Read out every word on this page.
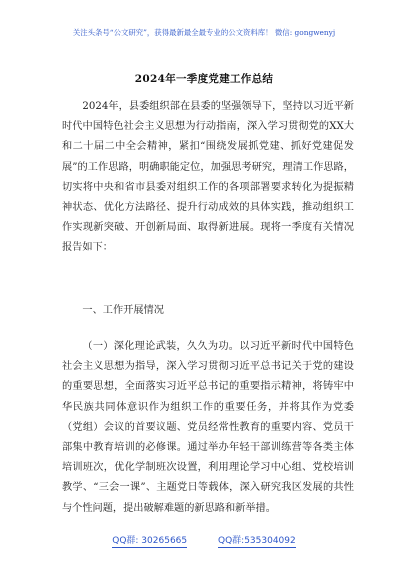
关注头条号“公文研究”，获得最新最全最专业的公文资料库！ 微信: gongwenyj
2024年一季度党建工作总结

2024年，县委组织部在县委的坚强领导下，坚持以习近平新时代中国特色社会主义思想为行动指南，深入学习贯彻党的XX大和二十届二中全会精神，紧扣“围绕发展抓党建、抓好党建促发展”的工作思路，明确职能定位，加强思考研究，理清工作思路，切实将中央和省市县委对组织工作的各项部署要求转化为提振精神状态、优化方法路径、提升行动成效的具体实践，推动组织工作实现新突破、开创新局面、取得新进展。现将一季度有关情况报告如下：

一、工作开展情况

（一）深化理论武装，久久为功。以习近平新时代中国特色社会主义思想为指导，深入学习贯彻习近平总书记关于党的建设的重要思想，全面落实习近平总书记的重要指示精神，将铸牢中华民族共同体意识作为组织工作的重要任务，并将其作为党委（党组）会议的首要议题、党员经常性教育的重要内容、党员干部集中教育培训的必修课。通过举办年轻干部训练营等各类主体培训班次，优化学制班次设置，利用理论学习中心组、党校培训教学、“三会一课”、主题党日等载体，深入研究我区发展的共性与个性问题，提出破解难题的新思路和新举措。

QQ群: 30265665	QQ群:535304092
